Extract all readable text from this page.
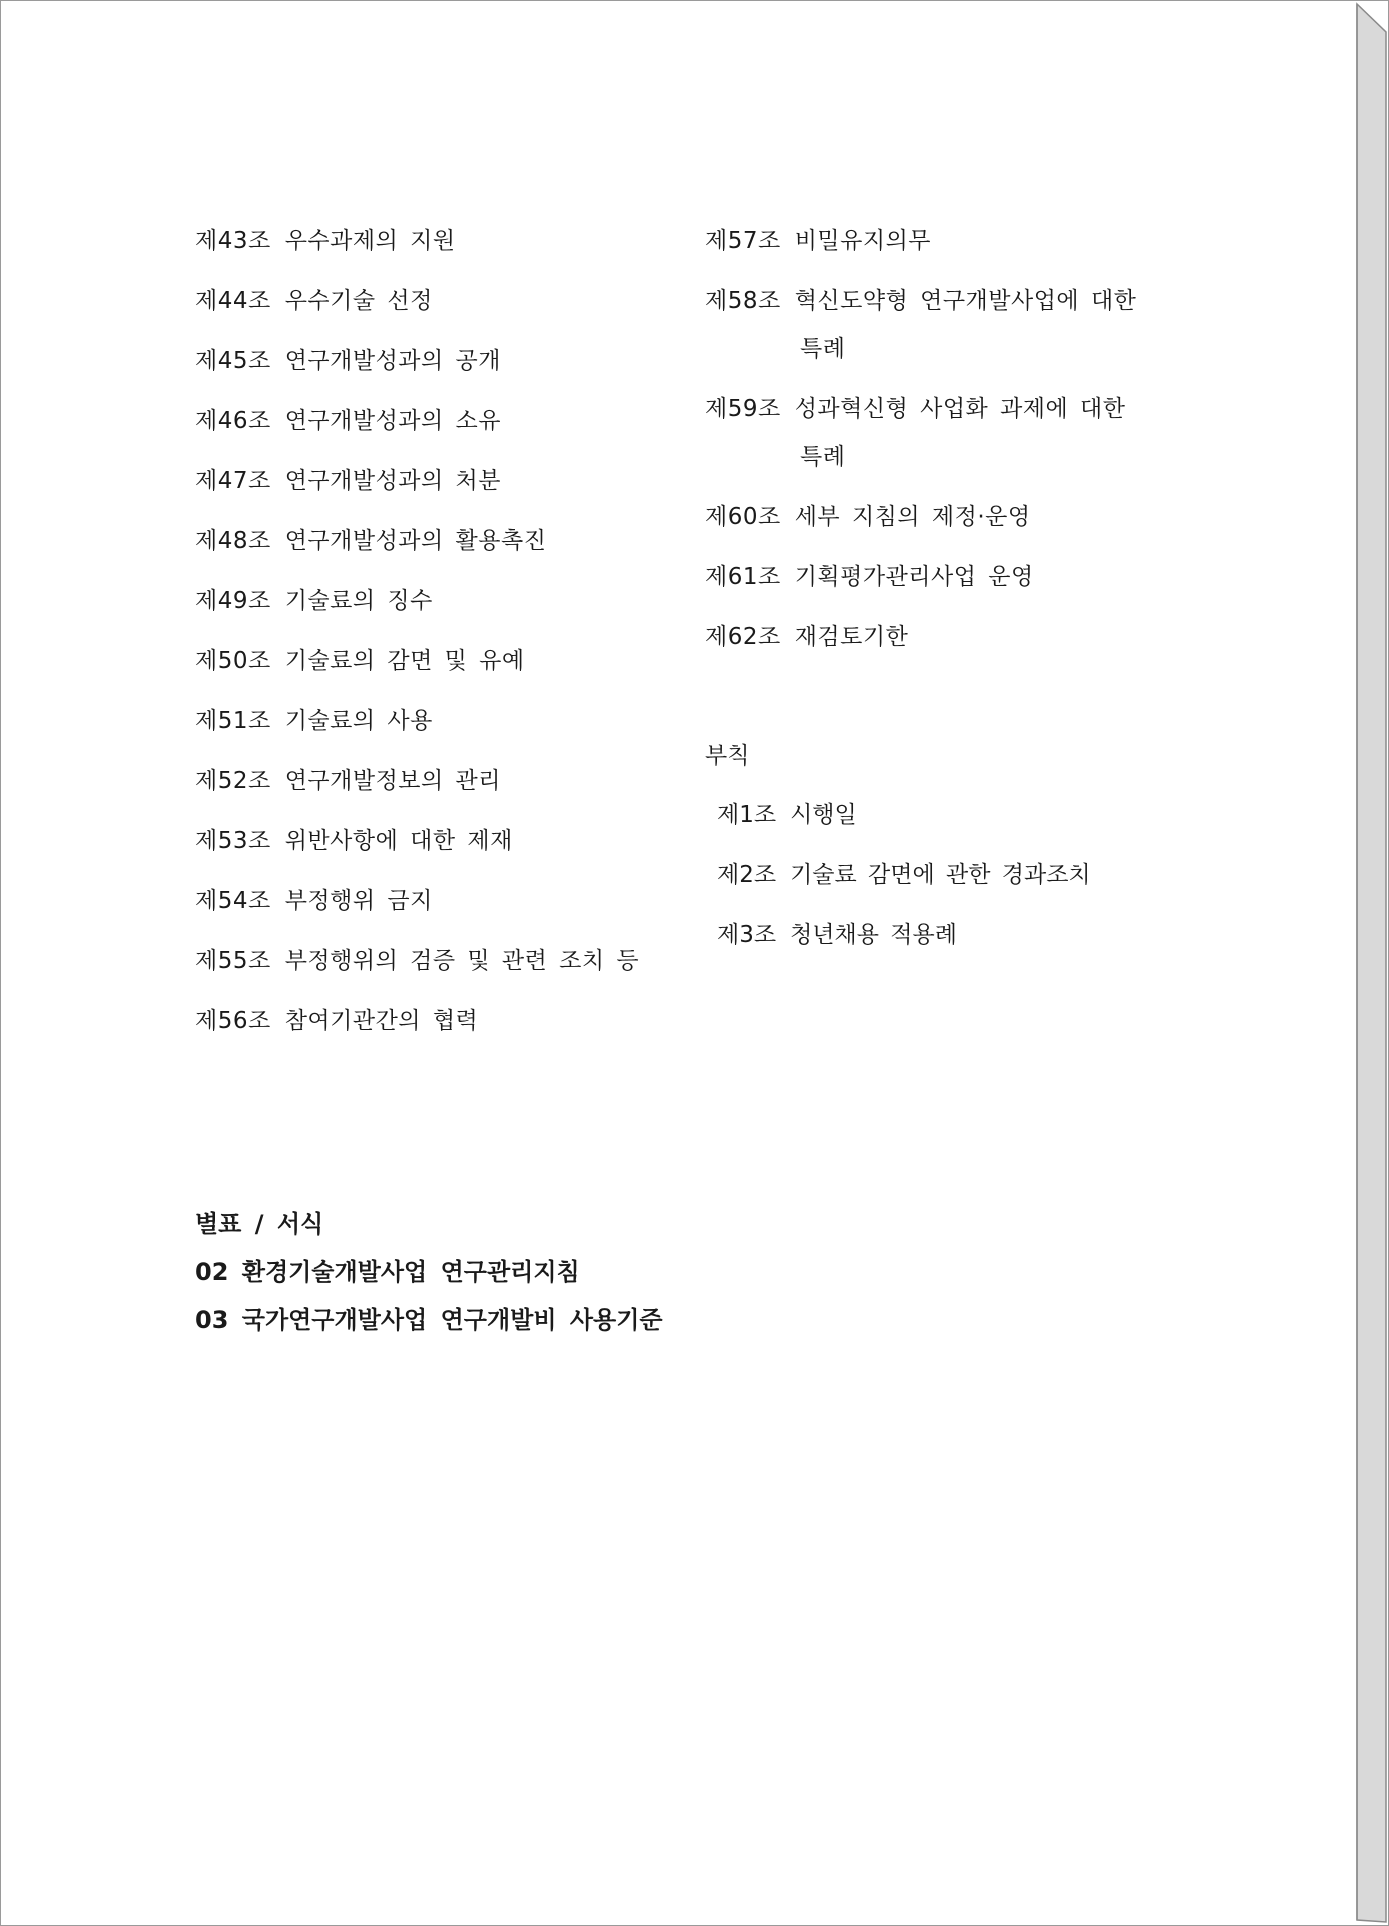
제43조 우수과제의 지원
제44조 우수기술 선정
제45조 연구개발성과의 공개
제46조 연구개발성과의 소유
제47조 연구개발성과의 처분
제48조 연구개발성과의 활용촉진
제49조 기술료의 징수
제50조 기술료의 감면 및 유예
제51조 기술료의 사용
제52조 연구개발정보의 관리
제53조 위반사항에 대한 제재
제54조 부정행위 금지
제55조 부정행위의 검증 및 관련 조치 등
제56조 참여기관간의 협력
제57조 비밀유지의무
제58조 혁신도약형 연구개발사업에 대한
특례
제59조 성과혁신형 사업화 과제에 대한
특례
제60조 세부 지침의 제정·운영
제61조 기획평가관리사업 운영
제62조 재검토기한
부칙
제1조 시행일
제2조 기술료 감면에 관한 경과조치
제3조 청년채용 적용례
별표 / 서식
02 환경기술개발사업 연구관리지침
03 국가연구개발사업 연구개발비 사용기준
